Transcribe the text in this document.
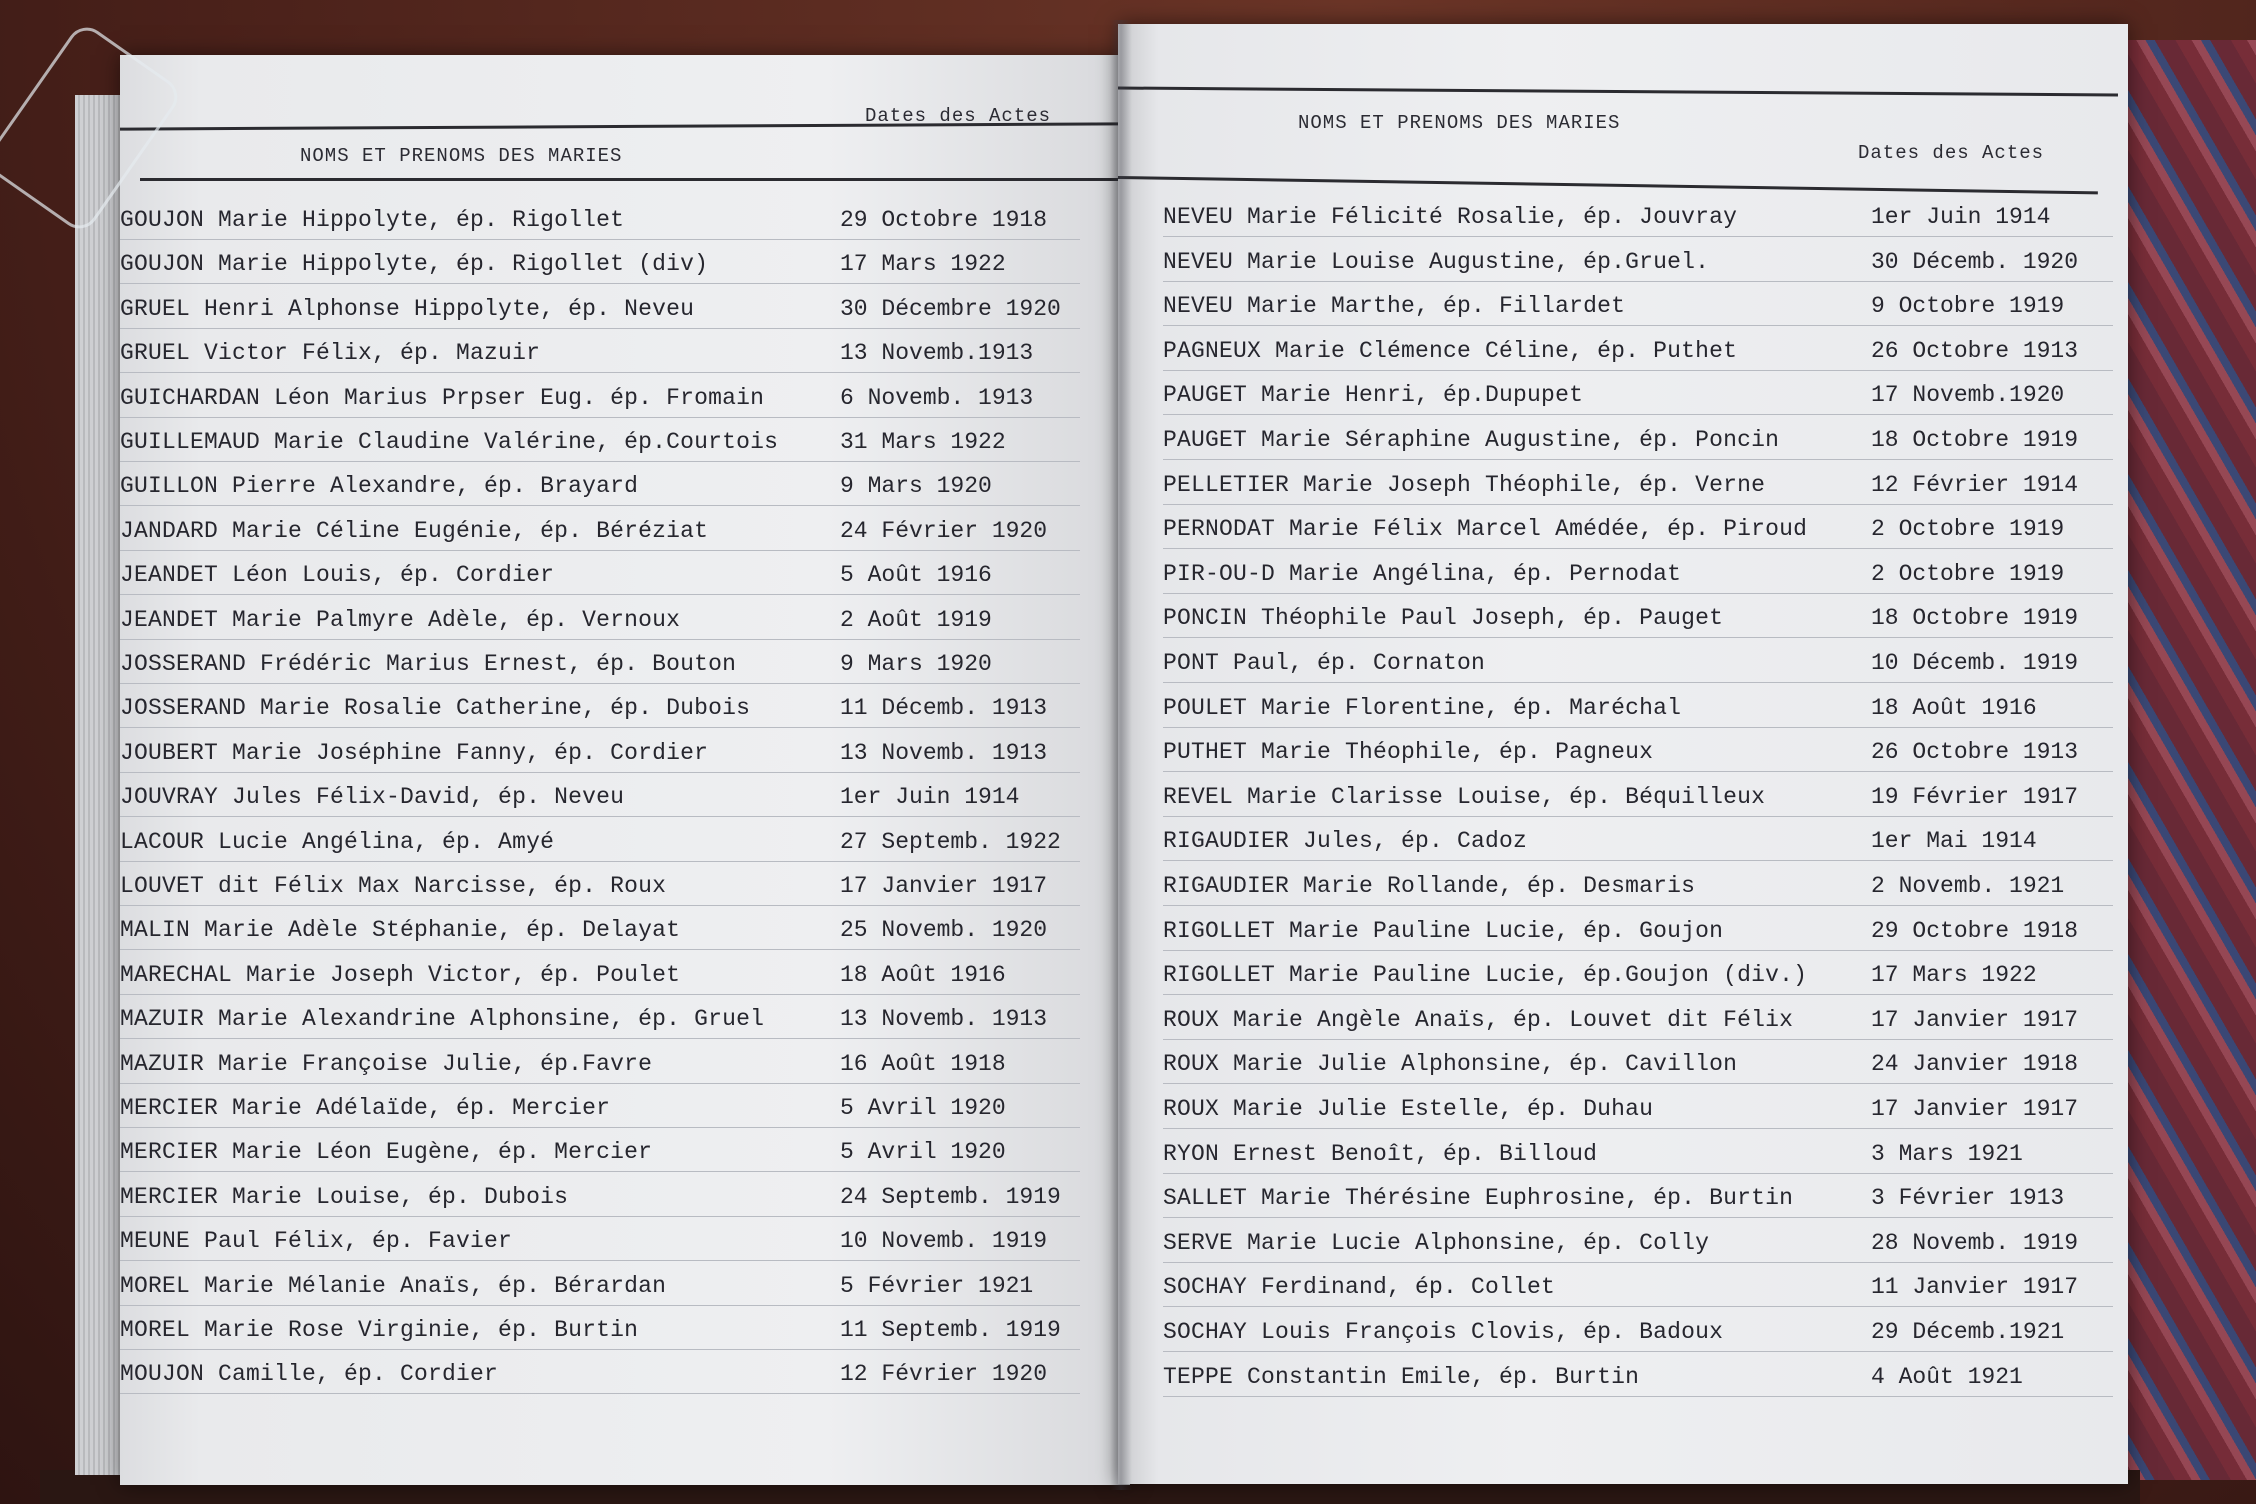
NOMS ET PRENOMS DES MARIES
Dates des Actes
GOUJON Marie Hippolyte, ép. Rigollet	29 Octobre 1918
GOUJON Marie Hippolyte, ép. Rigollet (div)	17 Mars 1922
GRUEL Henri Alphonse Hippolyte, ép. Neveu	30 Décembre 1920
GRUEL Victor Félix, ép. Mazuir	13 Novemb.1913
GUICHARDAN Léon Marius Prpser Eug. ép. Fromain	6 Novemb. 1913
GUILLEMAUD Marie Claudine Valérine, ép.Courtois	31 Mars 1922
GUILLON Pierre Alexandre, ép. Brayard	9 Mars 1920
JANDARD Marie Céline Eugénie, ép. Béréziat	24 Février 1920
JEANDET Léon Louis, ép. Cordier	5 Août 1916
JEANDET Marie Palmyre Adèle, ép. Vernoux	2 Août 1919
JOSSERAND Frédéric Marius Ernest, ép. Bouton	9 Mars 1920
JOSSERAND Marie Rosalie Catherine, ép. Dubois	11 Décemb. 1913
JOUBERT Marie Joséphine Fanny, ép. Cordier	13 Novemb. 1913
JOUVRAY Jules Félix-David, ép. Neveu	1er Juin 1914
LACOUR Lucie Angélina, ép. Amyé	27 Septemb. 1922
LOUVET dit Félix Max Narcisse, ép. Roux	17 Janvier 1917
MALIN Marie Adèle Stéphanie, ép. Delayat	25 Novemb. 1920
MARECHAL Marie Joseph Victor, ép. Poulet	18 Août 1916
MAZUIR Marie Alexandrine Alphonsine, ép. Gruel	13 Novemb. 1913
MAZUIR Marie Françoise Julie, ép.Favre	16 Août 1918
MERCIER Marie Adélaïde, ép. Mercier	5 Avril 1920
MERCIER Marie Léon Eugène, ép. Mercier	5 Avril 1920
MERCIER Marie Louise, ép. Dubois	24 Septemb. 1919
MEUNE Paul Félix, ép. Favier	10 Novemb. 1919
MOREL Marie Mélanie Anaïs, ép. Bérardan	5 Février 1921
MOREL Marie Rose Virginie, ép. Burtin	11 Septemb. 1919
MOUJON Camille, ép. Cordier	12 Février 1920
NOMS ET PRENOMS DES MARIES
Dates des Actes
NEVEU Marie Félicité Rosalie, ép. Jouvray	1er Juin 1914
NEVEU Marie Louise Augustine, ép.Gruel.	30 Décemb. 1920
NEVEU Marie Marthe, ép. Fillardet	9 Octobre 1919
PAGNEUX Marie Clémence Céline, ép. Puthet	26 Octobre 1913
PAUGET Marie Henri, ép.Dupupet	17 Novemb.1920
PAUGET Marie Séraphine Augustine, ép. Poncin	18 Octobre 1919
PELLETIER Marie Joseph Théophile, ép. Verne	12 Février 1914
PERNODAT Marie Félix Marcel Amédée, ép. Piroud	2 Octobre 1919
PIR-OU-D Marie Angélina, ép. Pernodat	2 Octobre 1919
PONCIN Théophile Paul Joseph, ép. Pauget	18 Octobre 1919
PONT Paul, ép. Cornaton	10 Décemb. 1919
POULET Marie Florentine, ép. Maréchal	18 Août 1916
PUTHET Marie Théophile, ép. Pagneux	26 Octobre 1913
REVEL Marie Clarisse Louise, ép. Béquilleux	19 Février 1917
RIGAUDIER Jules, ép. Cadoz	1er Mai 1914
RIGAUDIER Marie Rollande, ép. Desmaris	2 Novemb. 1921
RIGOLLET Marie Pauline Lucie, ép. Goujon	29 Octobre 1918
RIGOLLET Marie Pauline Lucie, ép.Goujon (div.)	17 Mars 1922
ROUX Marie Angèle Anaïs, ép. Louvet dit Félix	17 Janvier 1917
ROUX Marie Julie Alphonsine, ép. Cavillon	24 Janvier 1918
ROUX Marie Julie Estelle, ép. Duhau	17 Janvier 1917
RYON Ernest Benoît, ép. Billoud	3 Mars 1921
SALLET Marie Thérésine Euphrosine, ép. Burtin	3 Février 1913
SERVE Marie Lucie Alphonsine, ép. Colly	28 Novemb. 1919
SOCHAY Ferdinand, ép. Collet	11 Janvier 1917
SOCHAY Louis François Clovis, ép. Badoux	29 Décemb.1921
TEPPE Constantin Emile, ép. Burtin	4 Août 1921
